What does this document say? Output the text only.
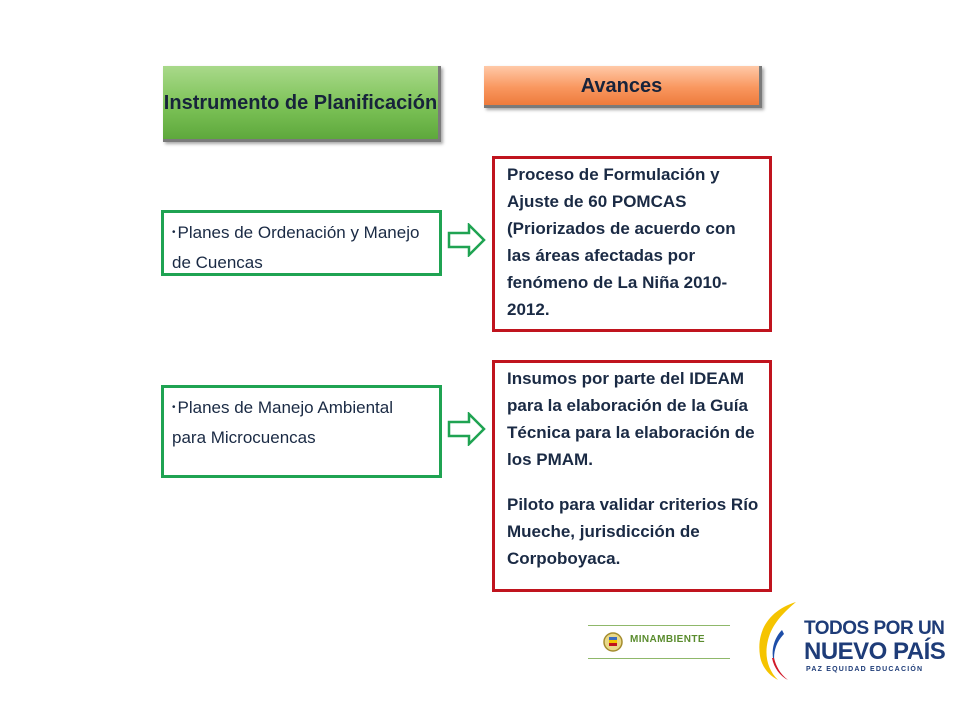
Instrumento de Planificación
Avances
• Planes de Ordenación y Manejo de Cuencas
• Planes de Manejo Ambiental para Microcuencas
Proceso de Formulación y Ajuste de 60 POMCAS (Priorizados de acuerdo con las áreas afectadas por fenómeno de La Niña 2010-2012.
Insumos por parte del IDEAM para la elaboración de la Guía Técnica para la elaboración de los PMAM.
Piloto para validar criterios Río Mueche, jurisdicción de Corpoboyaca.
MINAMBIENTE
TODOS POR UN
NUEVO PAÍS
PAZ EQUIDAD EDUCACIÓN
